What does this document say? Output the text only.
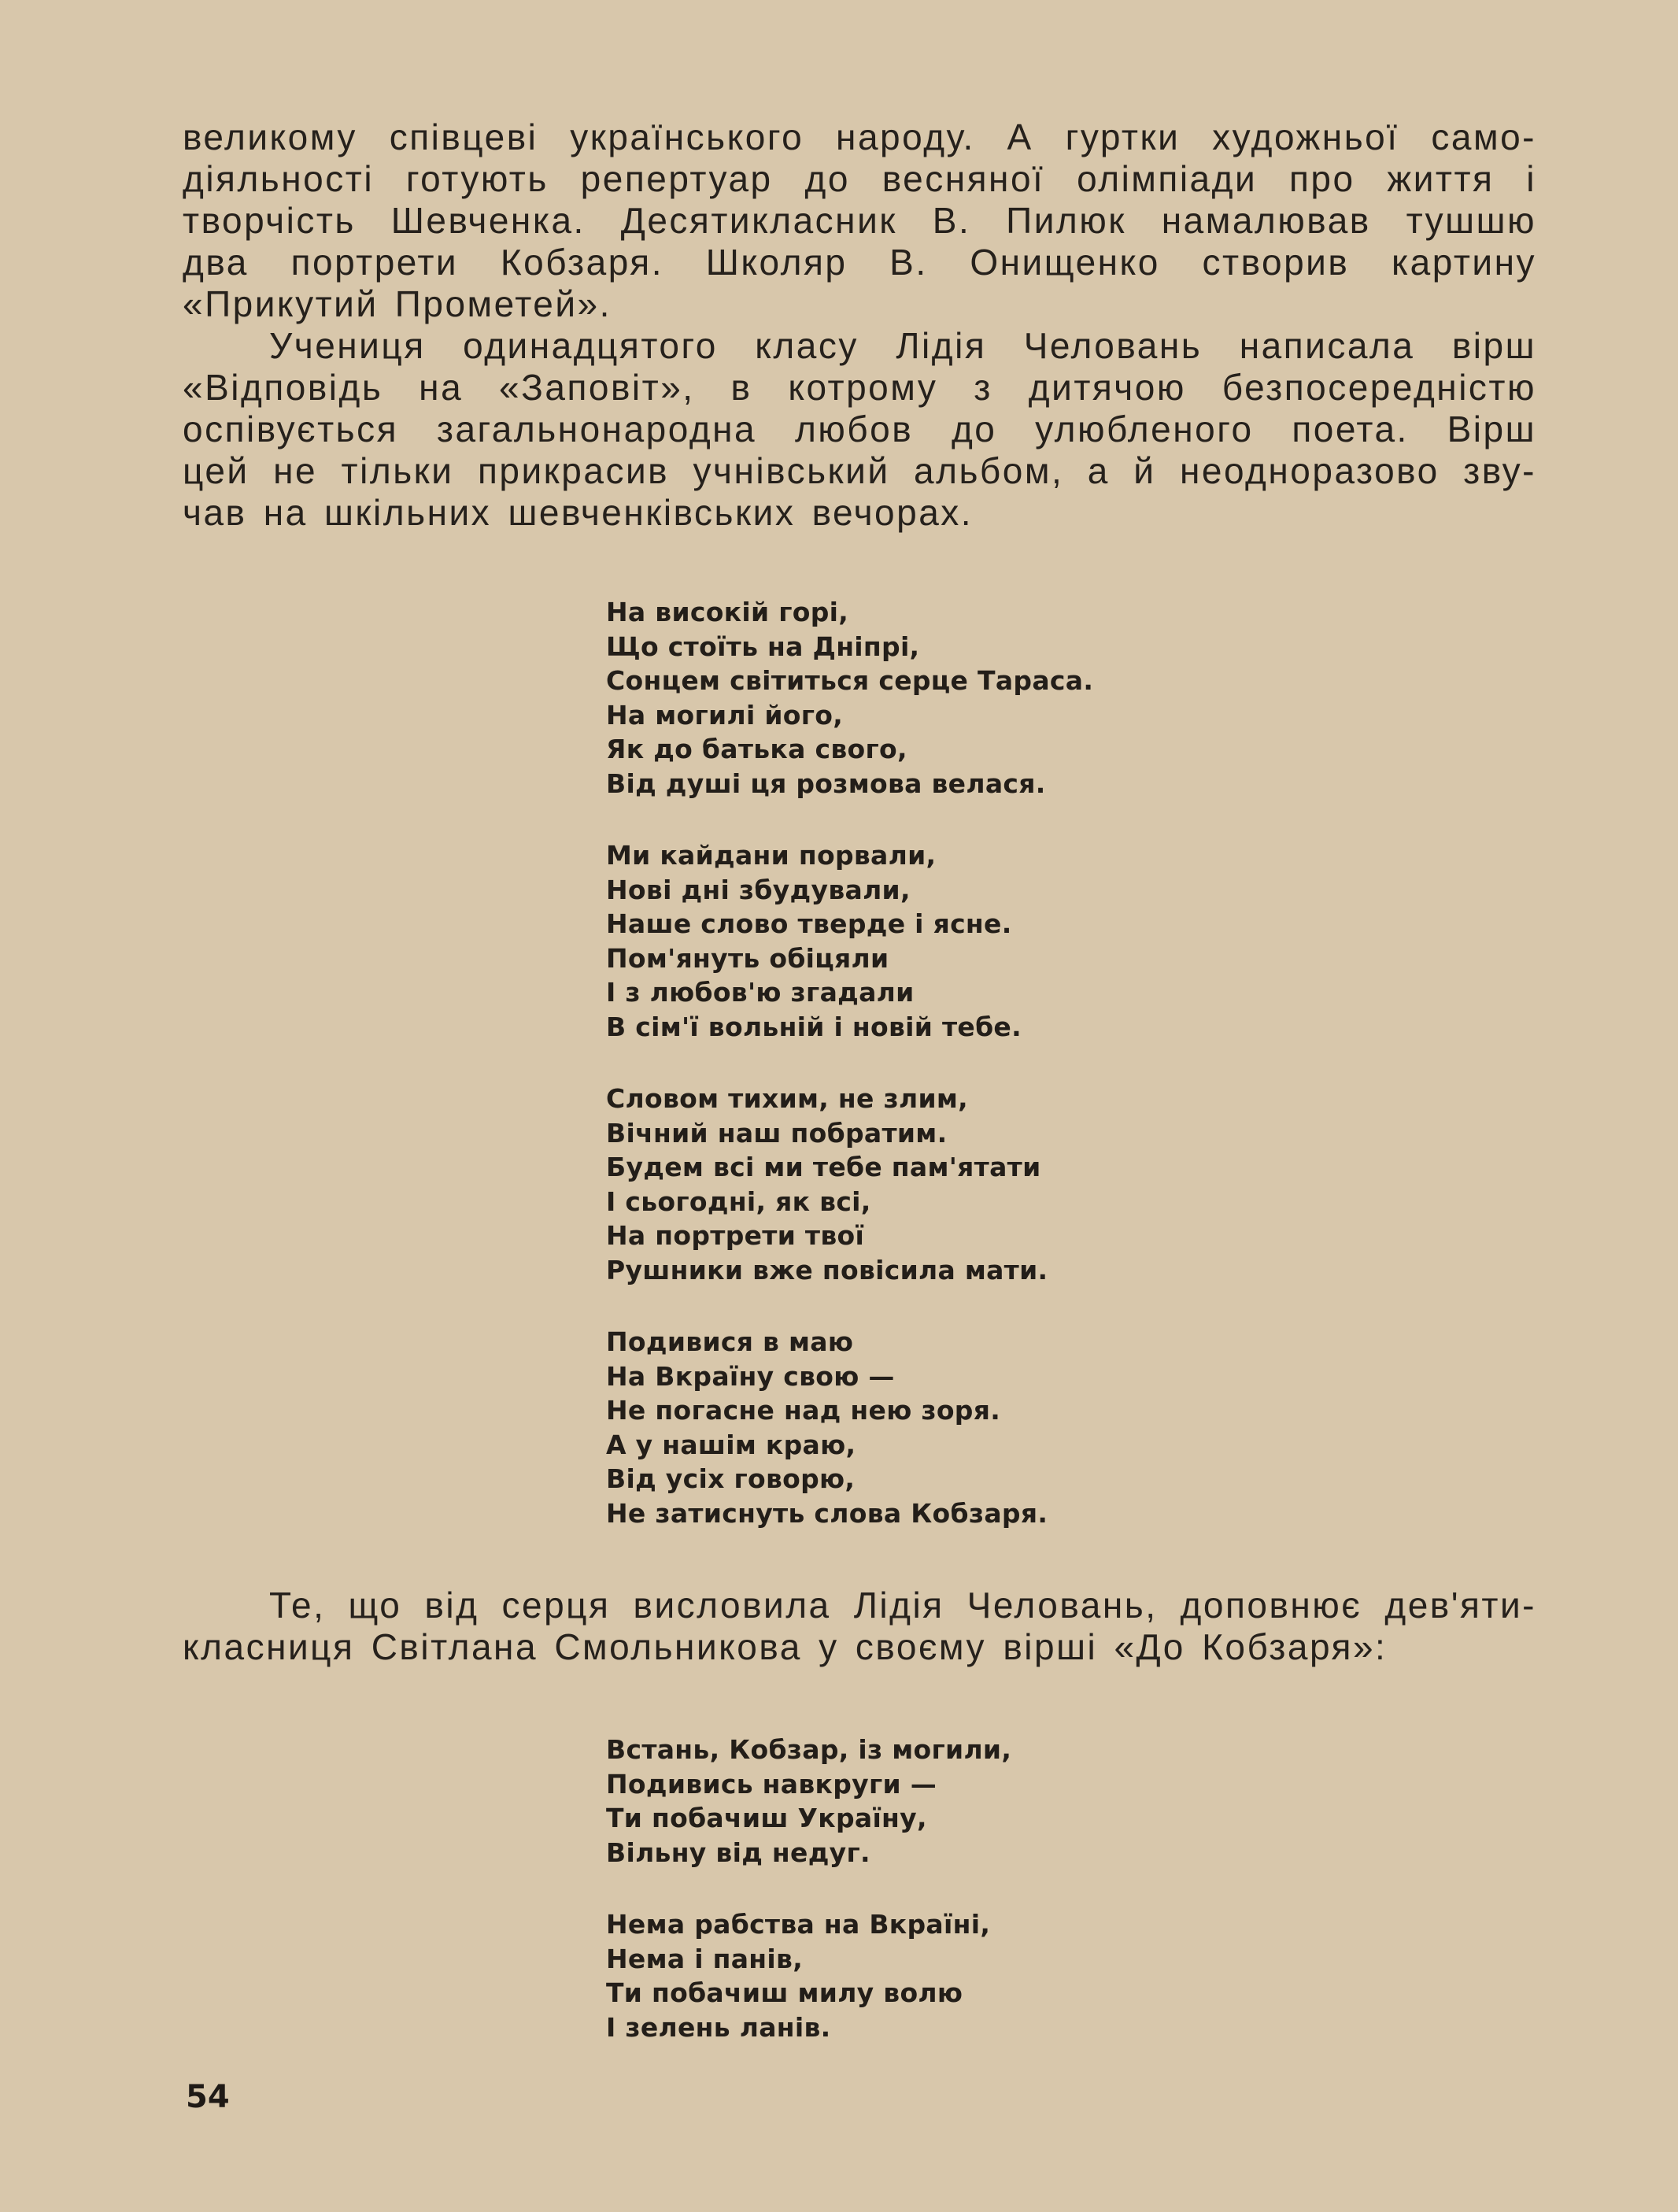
великому співцеві українського народу. А гуртки художньої само-
діяльності готують репертуар до весняної олімпіади про життя і
творчість Шевченка. Десятикласник В. Пилюк намалював тушшю
два портрети Кобзаря. Школяр В. Онищенко створив картину
«Прикутий Прометей».
Учениця одинадцятого класу Лідія Человань написала вірш
«Відповідь на «Заповіт», в котрому з дитячою безпосередністю
оспівується загальнонародна любов до улюбленого поета. Вірш
цей не тільки прикрасив учнівський альбом, а й неодноразово зву-
чав на шкільних шевченківських вечорах.
На високій горі,
Що стоїть на Дніпрі,
Сонцем світиться серце Тараса.
На могилі його,
Як до батька свого,
Від душі ця розмова велася.
Ми кайдани порвали,
Нові дні збудували,
Наше слово тверде і ясне.
Пом'януть обіцяли
І з любов'ю згадали
В сім'ї вольній і новій тебе.
Словом тихим, не злим,
Вічний наш побратим.
Будем всі ми тебе пам'ятати
І сьогодні, як всі,
На портрети твої
Рушники вже повісила мати.
Подивися в маю
На Вкраїну свою —
Не погасне над нею зоря.
А у нашім краю,
Від усіх говорю,
Не затиснуть слова Кобзаря.
Те, що від серця висловила Лідія Человань, доповнює дев'яти-
класниця Світлана Смольникова у своєму вірші «До Кобзаря»:
Встань, Кобзар, із могили,
Подивись навкруги —
Ти побачиш Україну,
Вільну від недуг.
Нема рабства на Вкраїні,
Нема і панів,
Ти побачиш милу волю
І зелень ланів.
54
